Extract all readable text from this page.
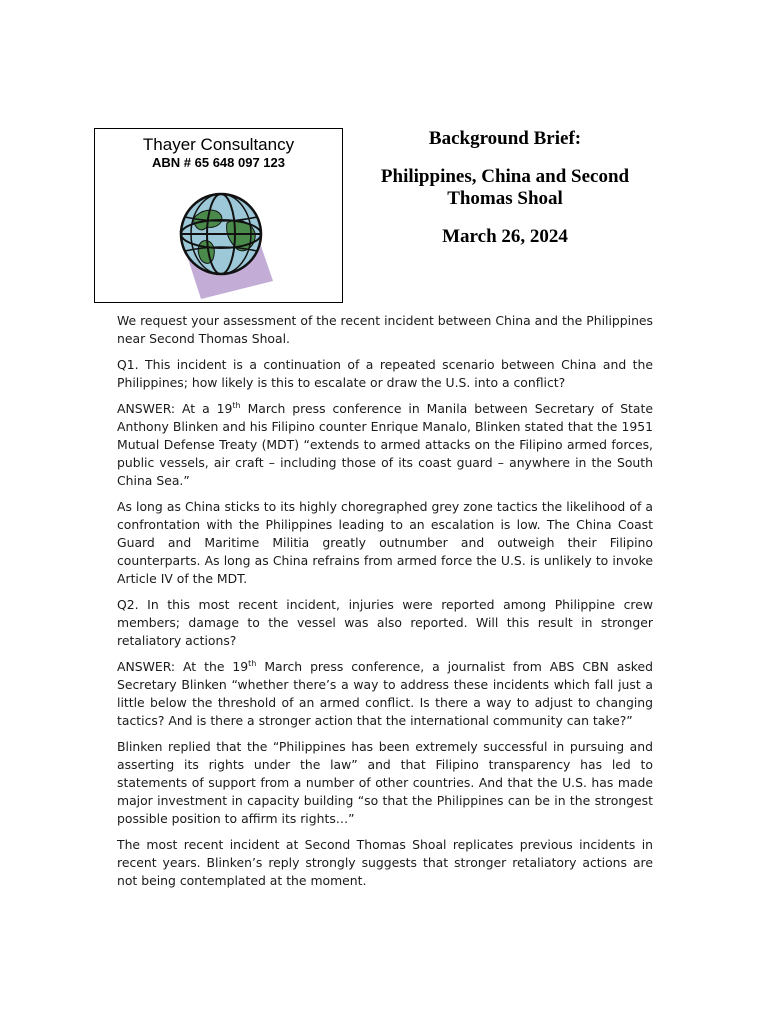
Thayer Consultancy
ABN # 65 648 097 123

Background Brief:

Philippines, China and Second Thomas Shoal

March 26, 2024

We request your assessment of the recent incident between China and the Philippines near Second Thomas Shoal.

Q1. This incident is a continuation of a repeated scenario between China and the Philippines; how likely is this to escalate or draw the U.S. into a conflict?

ANSWER: At a 19th March press conference in Manila between Secretary of State Anthony Blinken and his Filipino counter Enrique Manalo, Blinken stated that the 1951 Mutual Defense Treaty (MDT) “extends to armed attacks on the Filipino armed forces, public vessels, air craft – including those of its coast guard – anywhere in the South China Sea.”

As long as China sticks to its highly choregraphed grey zone tactics the likelihood of a confrontation with the Philippines leading to an escalation is low. The China Coast Guard and Maritime Militia greatly outnumber and outweigh their Filipino counterparts. As long as China refrains from armed force the U.S. is unlikely to invoke Article IV of the MDT.

Q2. In this most recent incident, injuries were reported among Philippine crew members; damage to the vessel was also reported. Will this result in stronger retaliatory actions?

ANSWER: At the 19th March press conference, a journalist from ABS CBN asked Secretary Blinken “whether there’s a way to address these incidents which fall just a little below the threshold of an armed conflict. Is there a way to adjust to changing tactics? And is there a stronger action that the international community can take?”

Blinken replied that the “Philippines has been extremely successful in pursuing and asserting its rights under the law” and that Filipino transparency has led to statements of support from a number of other countries. And that the U.S. has made major investment in capacity building “so that the Philippines can be in the strongest possible position to affirm its rights…”

The most recent incident at Second Thomas Shoal replicates previous incidents in recent years. Blinken’s reply strongly suggests that stronger retaliatory actions are not being contemplated at the moment.
